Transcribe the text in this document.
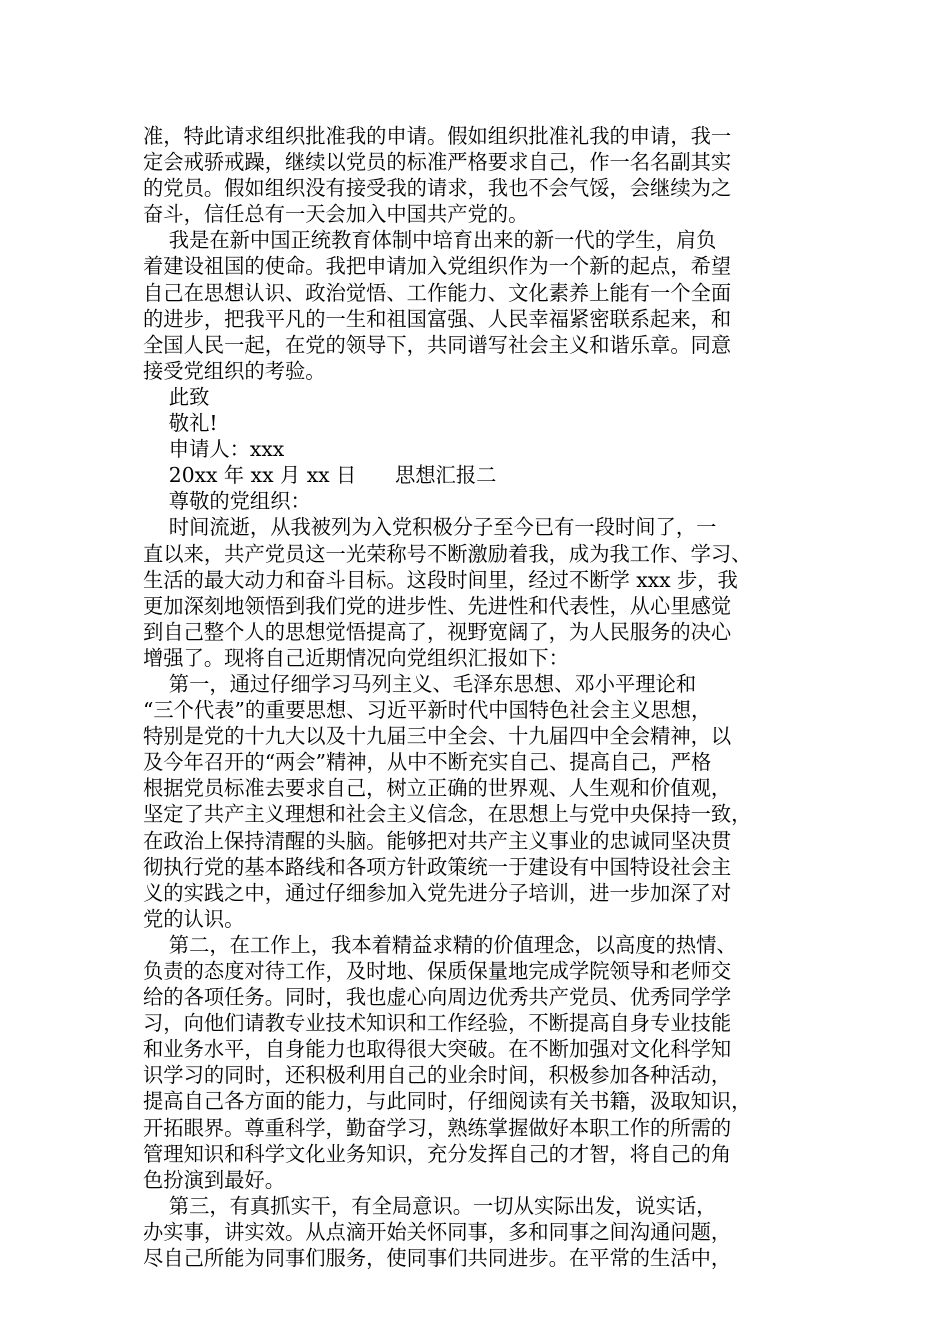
准，特此请求组织批准我的申请。假如组织批准礼我的申请，我一
定会戒骄戒躁，继续以党员的标准严格要求自己，作一名名副其实
的党员。假如组织没有接受我的请求，我也不会气馁，会继续为之
奋斗，信任总有一天会加入中国共产党的。
我是在新中国正统教育体制中培育出来的新一代的学生，肩负
着建设祖国的使命。我把申请加入党组织作为一个新的起点，希望
自己在思想认识、政治觉悟、工作能力、文化素养上能有一个全面
的进步，把我平凡的一生和祖国富强、人民幸福紧密联系起来，和
全国人民一起，在党的领导下，共同谱写社会主义和谐乐章。同意
接受党组织的考验。
此致
敬礼!
申请人：xxx
20xx 年 xx 月 xx 日      思想汇报二
尊敬的党组织：
时间流逝，从我被列为入党积极分子至今已有一段时间了，一
直以来，共产党员这一光荣称号不断激励着我，成为我工作、学习、
生活的最大动力和奋斗目标。这段时间里，经过不断学 xxx 步，我
更加深刻地领悟到我们党的进步性、先进性和代表性，从心里感觉
到自己整个人的思想觉悟提高了，视野宽阔了，为人民服务的决心
增强了。现将自己近期情况向党组织汇报如下：
第一，通过仔细学习马列主义、毛泽东思想、邓小平理论和
“三个代表”的重要思想、习近平新时代中国特色社会主义思想，
特别是党的十九大以及十九届三中全会、十九届四中全会精神，以
及今年召开的“两会”精神，从中不断充实自己、提高自己，严格
根据党员标准去要求自己，树立正确的世界观、人生观和价值观，
坚定了共产主义理想和社会主义信念，在思想上与党中央保持一致，
在政治上保持清醒的头脑。能够把对共产主义事业的忠诚同坚决贯
彻执行党的基本路线和各项方针政策统一于建设有中国特设社会主
义的实践之中，通过仔细参加入党先进分子培训，进一步加深了对
党的认识。
第二，在工作上，我本着精益求精的价值理念，以高度的热情、
负责的态度对待工作，及时地、保质保量地完成学院领导和老师交
给的各项任务。同时，我也虚心向周边优秀共产党员、优秀同学学
习，向他们请教专业技术知识和工作经验，不断提高自身专业技能
和业务水平，自身能力也取得很大突破。在不断加强对文化科学知
识学习的同时，还积极利用自己的业余时间，积极参加各种活动，
提高自己各方面的能力，与此同时，仔细阅读有关书籍，汲取知识，
开拓眼界。尊重科学，勤奋学习，熟练掌握做好本职工作的所需的
管理知识和科学文化业务知识，充分发挥自己的才智，将自己的角
色扮演到最好。
第三，有真抓实干，有全局意识。一切从实际出发，说实话，
办实事，讲实效。从点滴开始关怀同事，多和同事之间沟通问题，
尽自己所能为同事们服务，使同事们共同进步。在平常的生活中，
